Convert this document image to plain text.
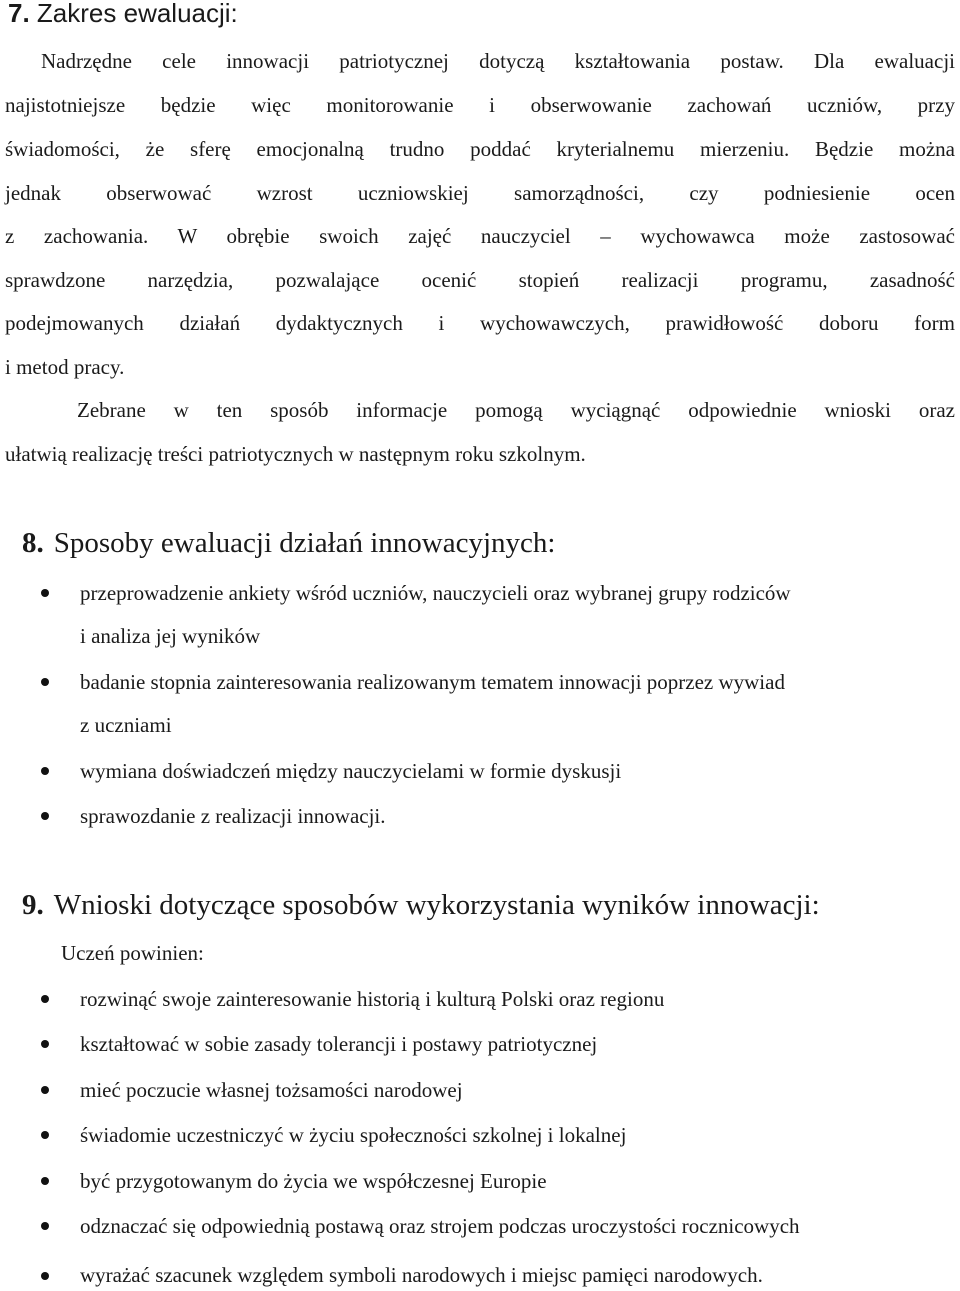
7. Zakres ewaluacji:
Nadrzędne cele innowacji patriotycznej dotyczą kształtowania postaw. Dla ewaluacji
najistotniejsze będzie więc monitorowanie i obserwowanie zachowań uczniów, przy
świadomości, że sferę emocjonalną trudno poddać kryterialnemu mierzeniu. Będzie można
jednak obserwować wzrost uczniowskiej samorządności, czy podniesienie ocen
z zachowania. W obrębie swoich zajęć nauczyciel – wychowawca może zastosować
sprawdzone narzędzia, pozwalające ocenić stopień realizacji programu, zasadność
podejmowanych działań dydaktycznych i wychowawczych, prawidłowość doboru form
i metod pracy.
Zebrane w ten sposób informacje pomogą wyciągnąć odpowiednie wnioski oraz
ułatwią realizację treści patriotycznych w następnym roku szkolnym.
8. Sposoby ewaluacji działań innowacyjnych:
przeprowadzenie ankiety wśród uczniów, nauczycieli oraz wybranej grupy rodziców
i analiza jej wyników
badanie stopnia zainteresowania realizowanym tematem innowacji poprzez wywiad
z uczniami
wymiana doświadczeń między nauczycielami w formie dyskusji
sprawozdanie z realizacji innowacji.
9. Wnioski dotyczące sposobów wykorzystania wyników innowacji:
Uczeń powinien:
rozwinąć swoje zainteresowanie historią i kulturą Polski oraz regionu
kształtować w sobie zasady tolerancji i postawy patriotycznej
mieć poczucie własnej tożsamości narodowej
świadomie uczestniczyć w życiu społeczności szkolnej i lokalnej
być przygotowanym do życia we współczesnej Europie
odznaczać się odpowiednią postawą oraz strojem podczas uroczystości rocznicowych
wyrażać szacunek względem symboli narodowych i miejsc pamięci narodowych.
